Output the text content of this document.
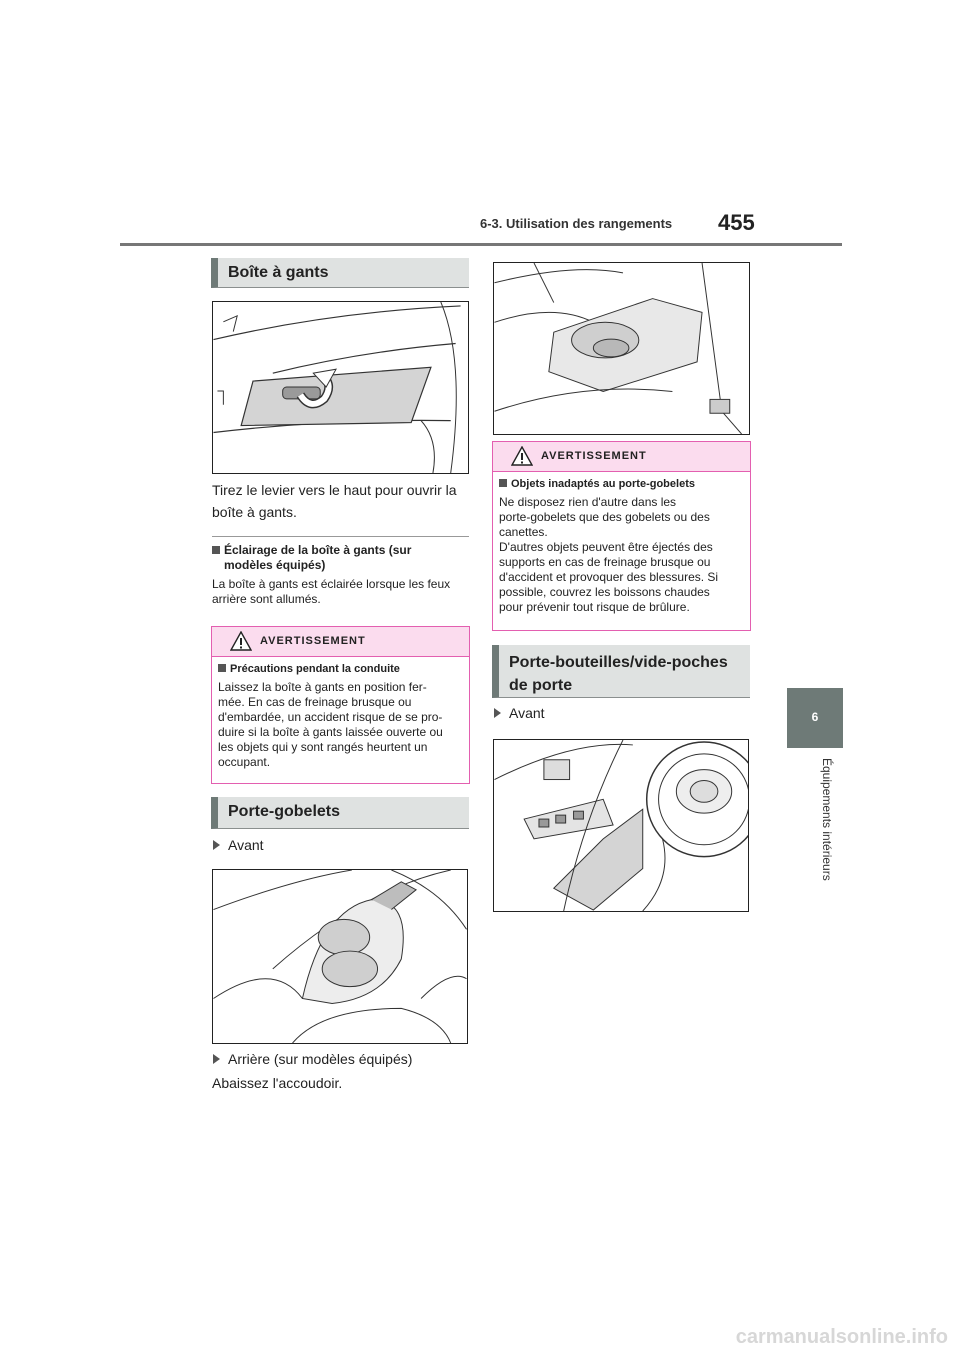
6-3. Utilisation des rangements 455
6
Équipements intérieurs
Boîte à gants
Tirez le levier vers le haut pour ouvrir la
boîte à gants.
Éclairage de la boîte à gants (sur
modèles équipés)
La boîte à gants est éclairée lorsque les feux
arrière sont allumés.
AVERTISSEMENT
Précautions pendant la conduite
Laissez la boîte à gants en position fer-
mée. En cas de freinage brusque ou
d'embardée, un accident risque de se pro-
duire si la boîte à gants laissée ouverte ou
les objets qui y sont rangés heurtent un
occupant.
Porte-gobelets
Avant
Arrière (sur modèles équipés)
Abaissez l'accoudoir.
AVERTISSEMENT
Objets inadaptés au porte-gobelets
Ne disposez rien d'autre dans les
porte-gobelets que des gobelets ou des
canettes.
D'autres objets peuvent être éjectés des
supports en cas de freinage brusque ou
d'accident et provoquer des blessures. Si
possible, couvrez les boissons chaudes
pour prévenir tout risque de brûlure.
Porte-bouteilles/vide-poches
de porte
Avant
carmanualsonline.info
